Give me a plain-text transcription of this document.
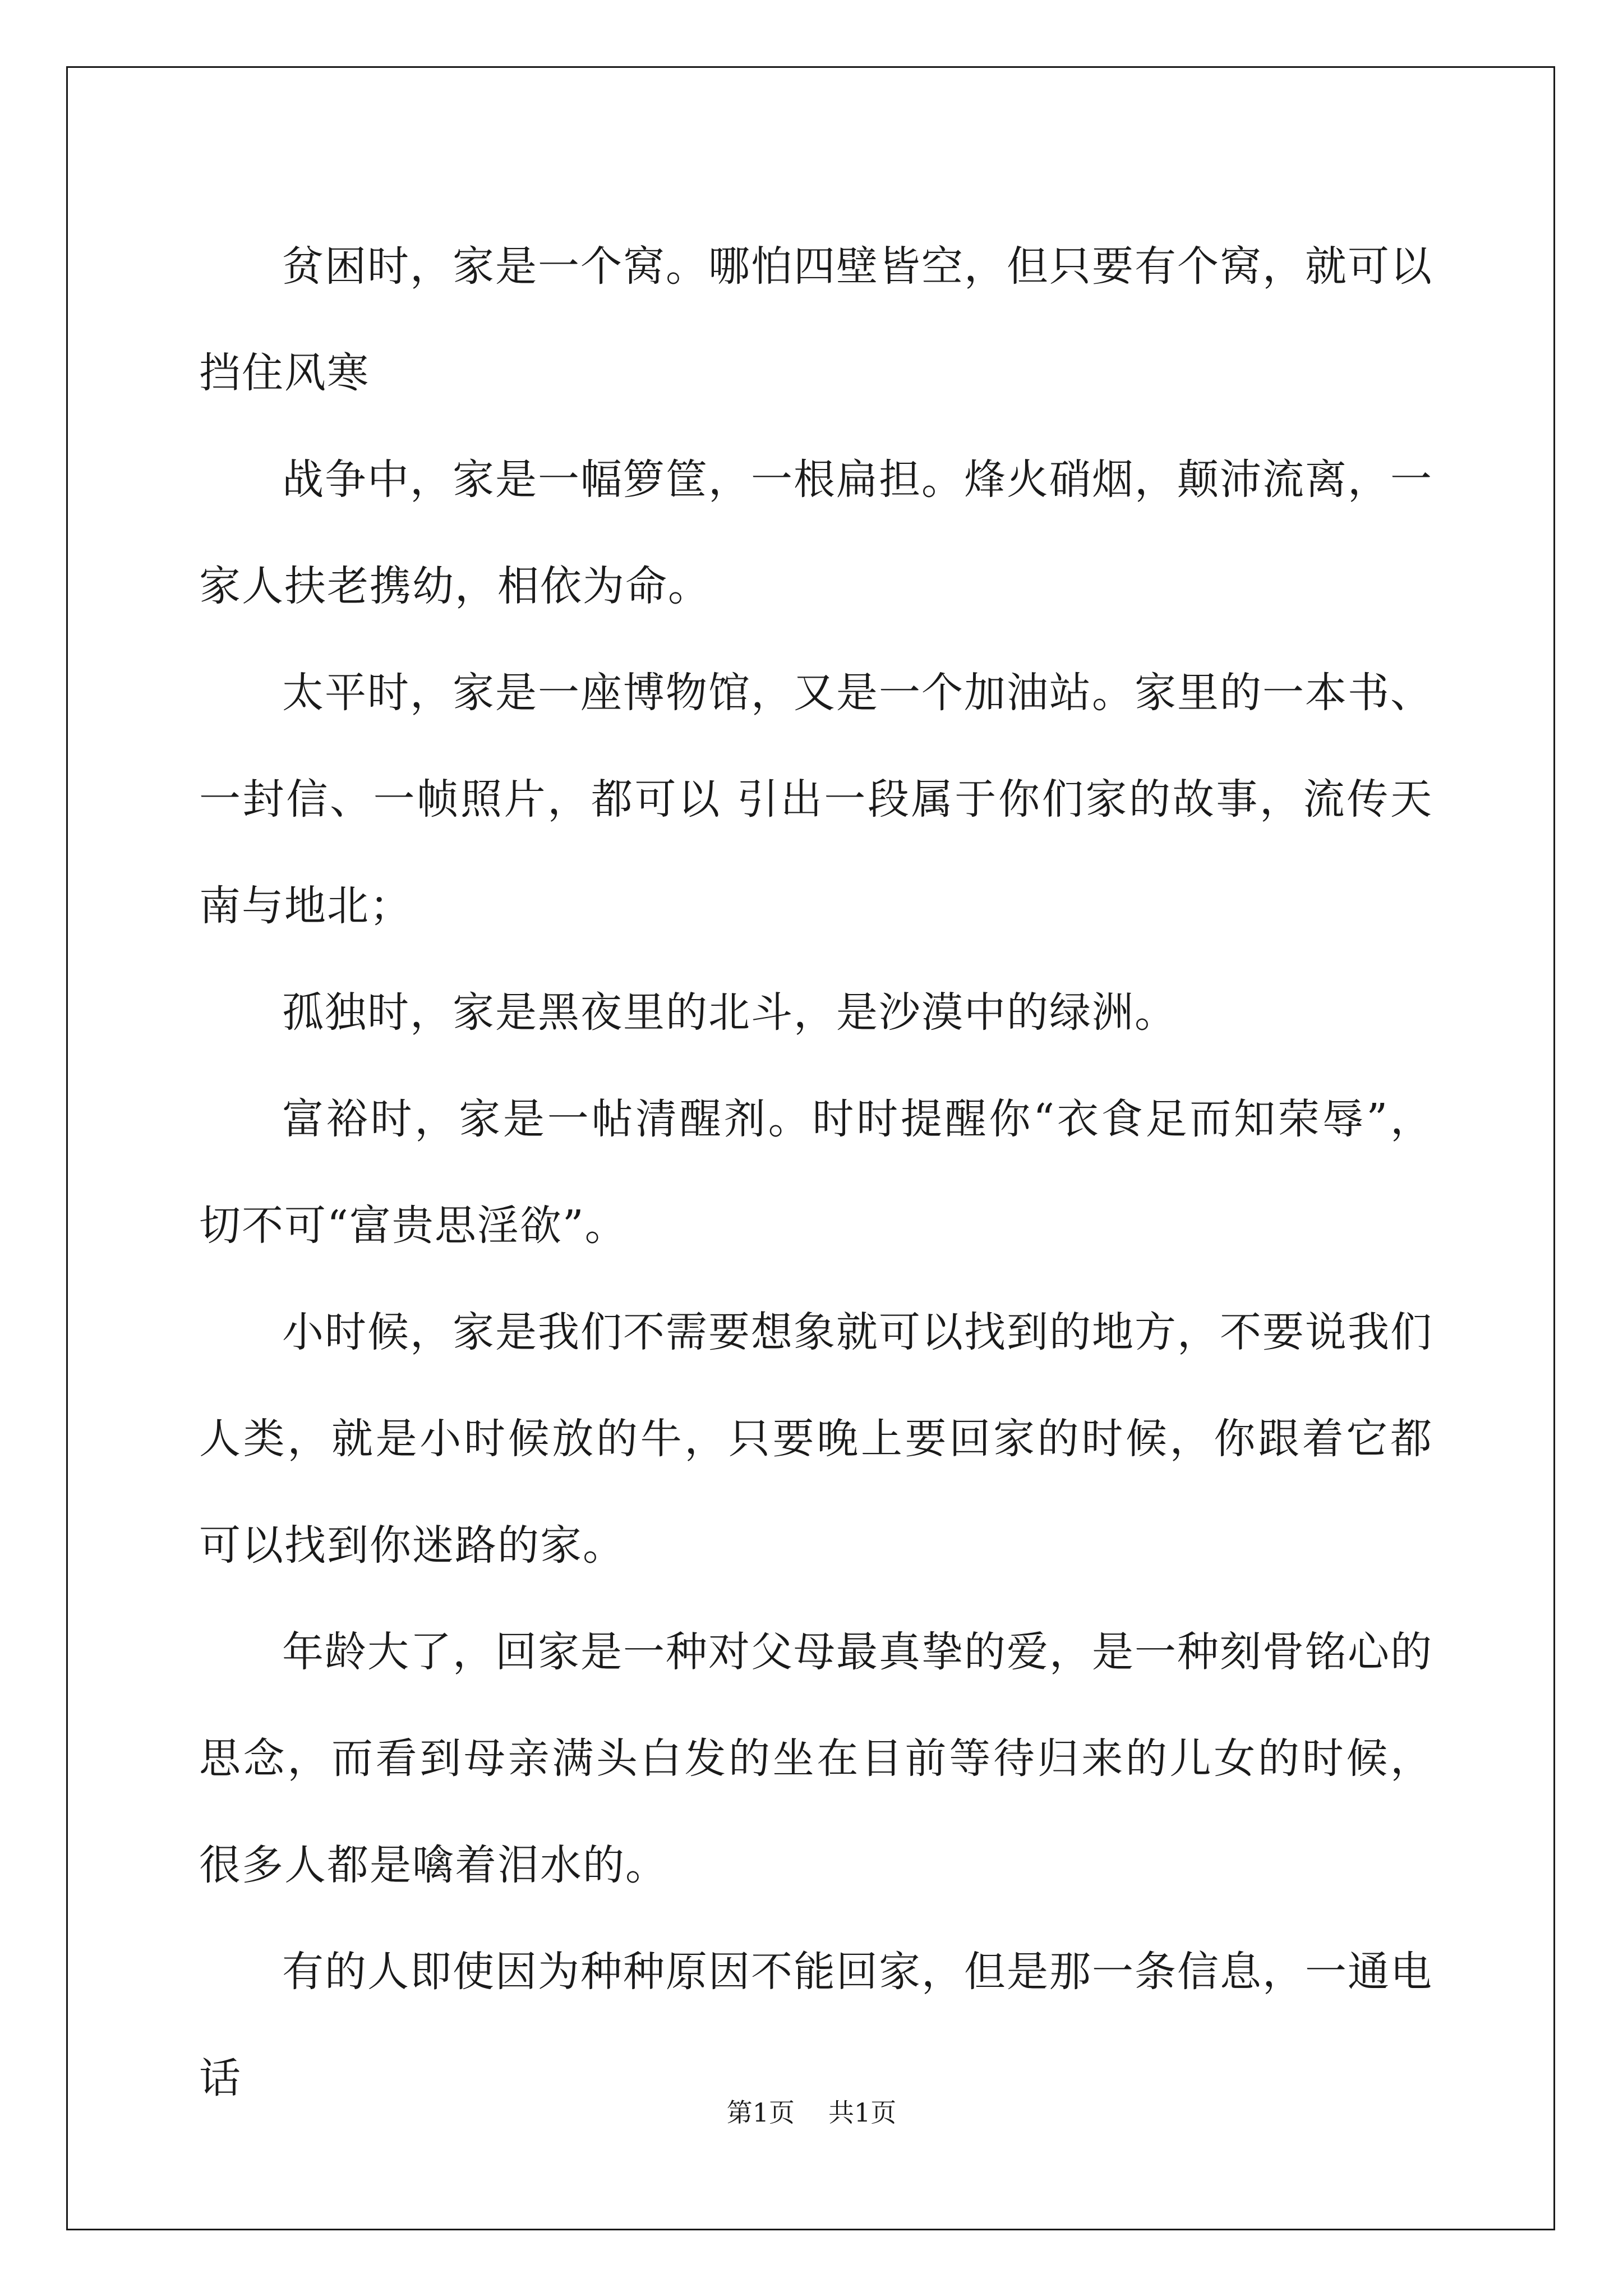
贫困时，家是一个窝。哪怕四壁皆空，但只要有个窝，就可以挡住风寒

战争中，家是一幅箩筐，一根扁担。烽火硝烟，颠沛流离，一家人扶老携幼，相依为命。

太平时，家是一座博物馆，又是一个加油站。家里的一本书、一封信、一帧照片，都可以 引出一段属于你们家的故事，流传天南与地北；

孤独时，家是黑夜里的北斗，是沙漠中的绿洲。

富裕时，家是一帖清醒剂。时时提醒你“衣食足而知荣辱”，切不可“富贵思淫欲”。

小时候，家是我们不需要想象就可以找到的地方，不要说我们人类，就是小时候放的牛，只要晚上要回家的时候，你跟着它都可以找到你迷路的家。

年龄大了，回家是一种对父母最真挚的爱，是一种刻骨铭心的思念，而看到母亲满头白发的坐在目前等待归来的儿女的时候，很多人都是噙着泪水的。

有的人即使因为种种原因不能回家，但是那一条信息，一通电话

第1页 共1页
